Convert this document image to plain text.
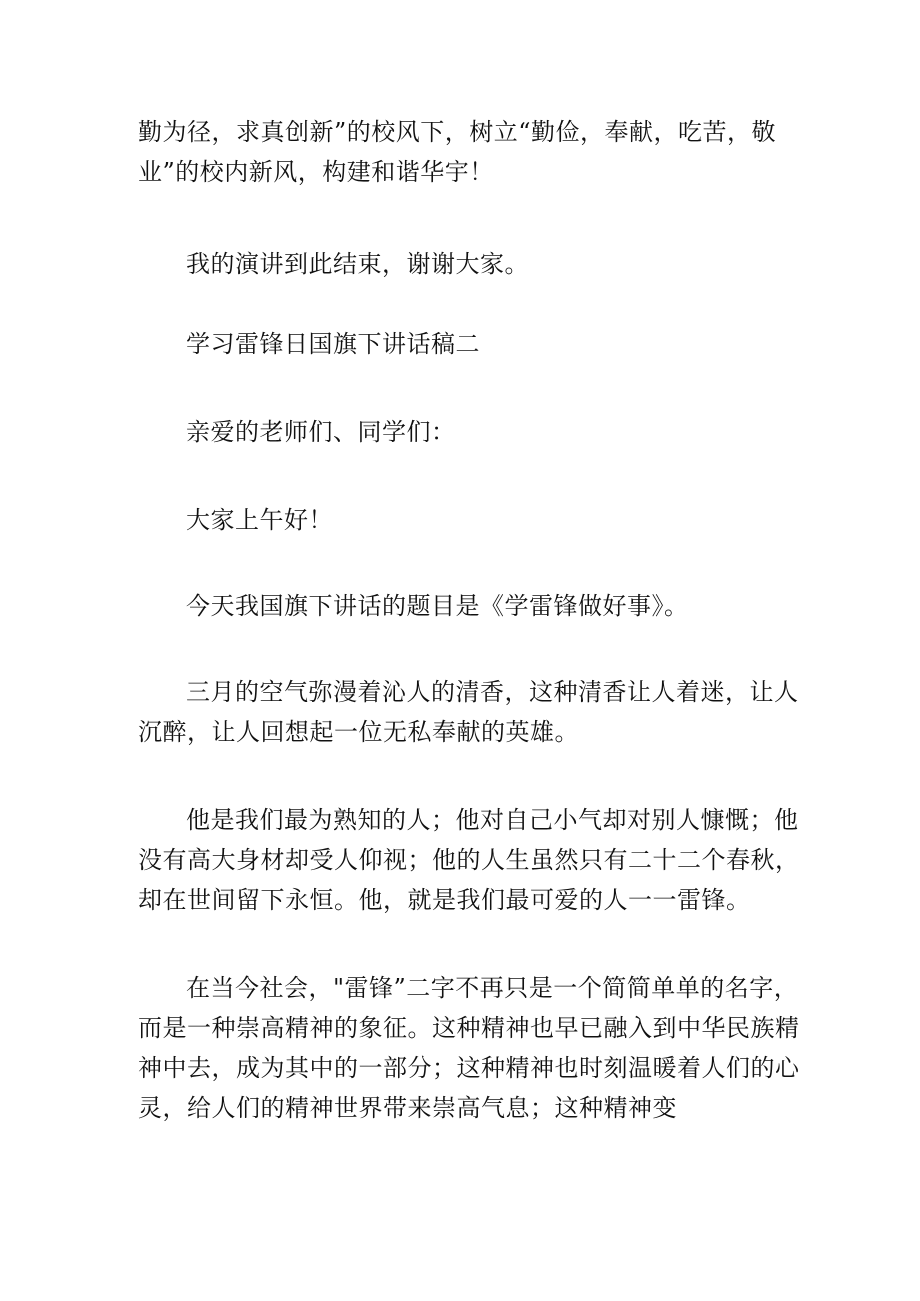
勤为径，求真创新”的校风下，树立“勤俭，奉献，吃苦，敬
业”的校内新风，构建和谐华宇！

我的演讲到此结束，谢谢大家。

学习雷锋日国旗下讲话稿二

亲爱的老师们、同学们：

大家上午好！

今天我国旗下讲话的题目是《学雷锋做好事》。

三月的空气弥漫着沁人的清香，这种清香让人着迷，让人
沉醉，让人回想起一位无私奉献的英雄。

他是我们最为熟知的人；他对自己小气却对别人慷慨；他
没有高大身材却受人仰视；他的人生虽然只有二十二个春秋，
却在世间留下永恒。他，就是我们最可爱的人一一雷锋。

在当今社会，"雷锋”二字不再只是一个简简单单的名字，
而是一种崇高精神的象征。这种精神也早已融入到中华民族精
神中去，成为其中的一部分；这种精神也时刻温暖着人们的心
灵，给人们的精神世界带来崇高气息；这种精神变
